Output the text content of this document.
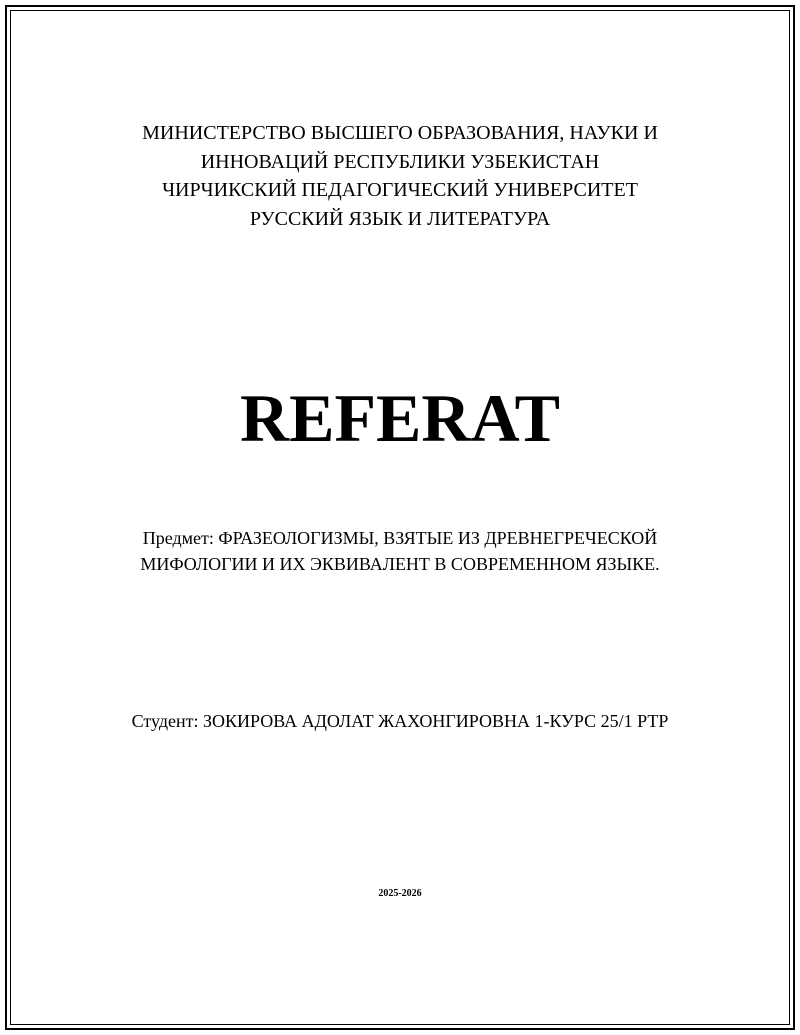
МИНИСТЕРСТВО ВЫСШЕГО ОБРАЗОВАНИЯ, НАУКИ И
ИННОВАЦИЙ РЕСПУБЛИКИ УЗБЕКИСТАН
ЧИРЧИКСКИЙ ПЕДАГОГИЧЕСКИЙ УНИВЕРСИТЕТ
РУССКИЙ ЯЗЫК И ЛИТЕРАТУРА
REFERAT
Предмет: ФРАЗЕОЛОГИЗМЫ, ВЗЯТЫЕ ИЗ ДРЕВНЕГРЕЧЕСКОЙ
МИФОЛОГИИ И ИХ ЭКВИВАЛЕНТ В СОВРЕМЕННОМ ЯЗЫКЕ.
Студент: ЗОКИРОВА АДОЛАТ ЖАХОНГИРОВНА 1-КУРС 25/1 РТР
2025-2026
